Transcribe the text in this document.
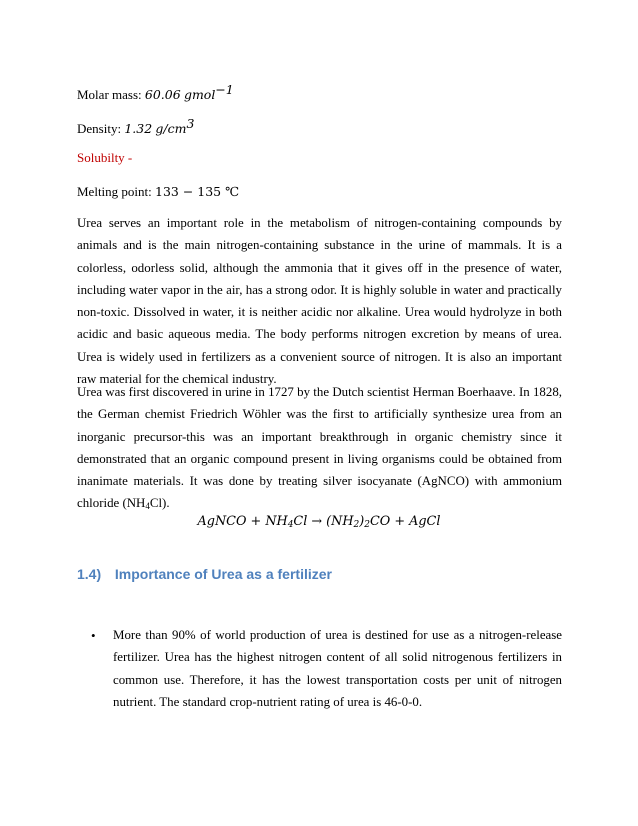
Molar mass: 60.06 gmol$^{-1}$
Density: 1.32 $g/cm^3$
Solubilty -
Melting point: 133 − 135 ℃
Urea serves an important role in the metabolism of nitrogen-containing compounds by animals and is the main nitrogen-containing substance in the urine of mammals. It is a colorless, odorless solid, although the ammonia that it gives off in the presence of water, including water vapor in the air, has a strong odor. It is highly soluble in water and practically non-toxic. Dissolved in water, it is neither acidic nor alkaline. Urea would hydrolyze in both acidic and basic aqueous media. The body performs nitrogen excretion by means of urea. Urea is widely used in fertilizers as a convenient source of nitrogen. It is also an important raw material for the chemical industry.
Urea was first discovered in urine in 1727 by the Dutch scientist Herman Boerhaave. In 1828, the German chemist Friedrich Wöhler was the first to artificially synthesize urea from an inorganic precursor-this was an important breakthrough in organic chemistry since it demonstrated that an organic compound present in living organisms could be obtained from inanimate materials. It was done by treating silver isocyanate (AgNCO) with ammonium chloride $(NH_4Cl)$.
AgNCO + $NH_4Cl \to (NH_2)_2CO$ + AgCl
1.4) Importance of Urea as a fertilizer
• More than 90% of world production of urea is destined for use as a nitrogen-release fertilizer. Urea has the highest nitrogen content of all solid nitrogenous fertilizers in common use. Therefore, it has the lowest transportation costs per unit of nitrogen nutrient. The standard crop-nutrient rating of urea is 46-0-0.
